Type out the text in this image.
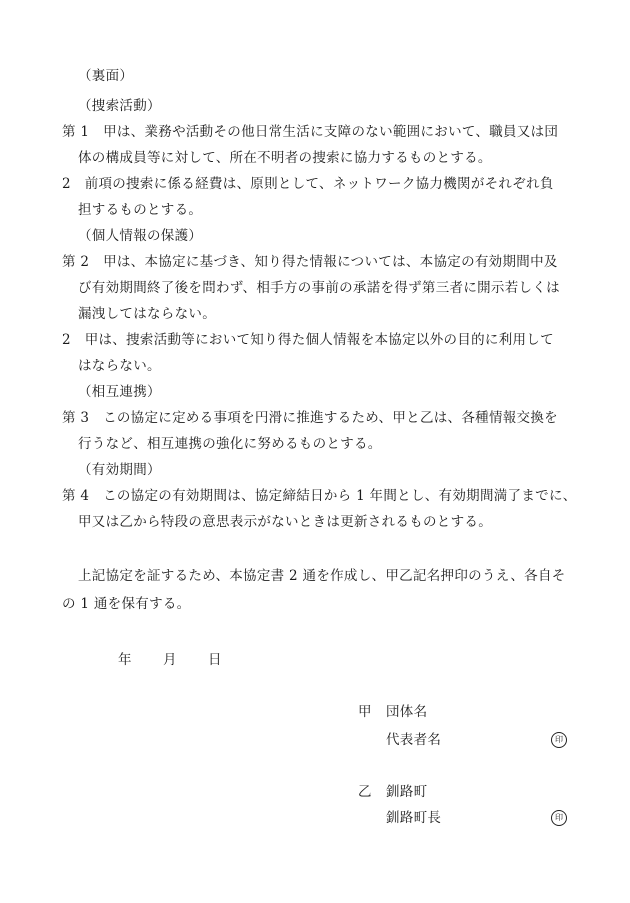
（裏面）
（捜索活動）
第 1　甲は、業務や活動その他日常生活に支障のない範囲において、職員又は団
体の構成員等に対して、所在不明者の捜索に協力するものとする。
2　前項の捜索に係る経費は、原則として、ネットワーク協力機関がそれぞれ負
担するものとする。
（個人情報の保護）
第 2　甲は、本協定に基づき、知り得た情報については、本協定の有効期間中及
び有効期間終了後を問わず、相手方の事前の承諾を得ず第三者に開示若しくは
漏洩してはならない。
2　甲は、捜索活動等において知り得た個人情報を本協定以外の目的に利用して
はならない。
（相互連携）
第 3　この協定に定める事項を円滑に推進するため、甲と乙は、各種情報交換を
行うなど、相互連携の強化に努めるものとする。
（有効期間）
第 4　この協定の有効期間は、協定締結日から 1 年間とし、有効期間満了までに、
甲又は乙から特段の意思表示がないときは更新されるものとする。
上記協定を証するため、本協定書 2 通を作成し、甲乙記名押印のうえ、各自そ
の 1 通を保有する。
年 月 日
甲 団体名
代表者名	印
乙 釧路町
釧路町長	印
